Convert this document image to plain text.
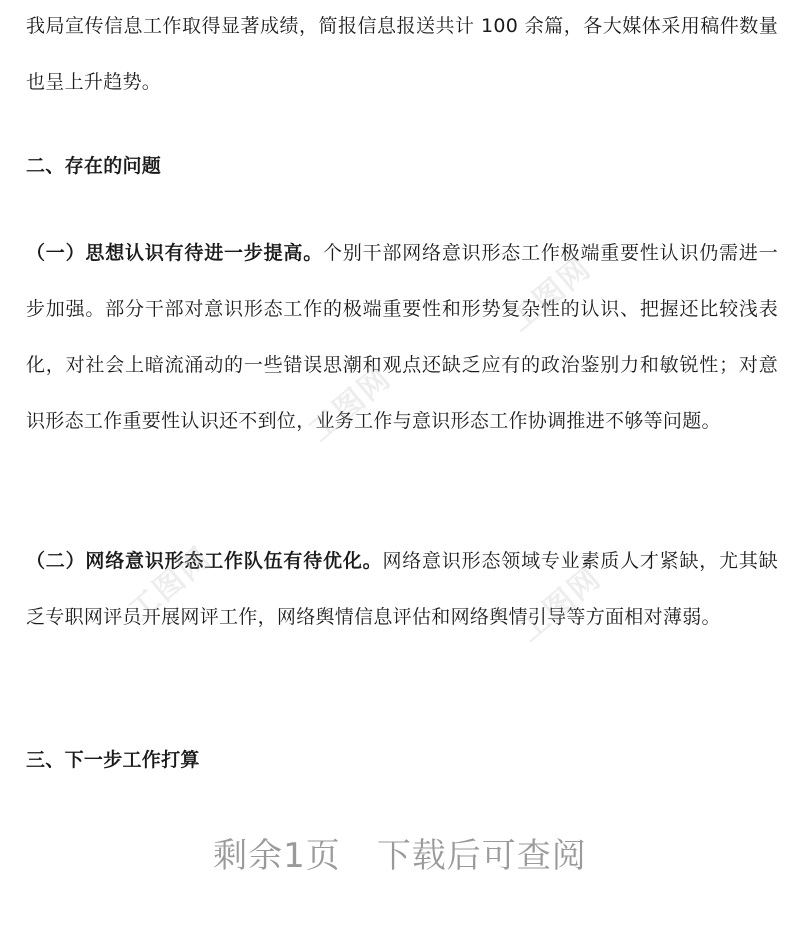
我局宣传信息工作取得显著成绩，简报信息报送共计 100 余篇，各大媒体采用稿件数量也呈上升趋势。

二、存在的问题

（一）思想认识有待进一步提高。个别干部网络意识形态工作极端重要性认识仍需进一步加强。部分干部对意识形态工作的极端重要性和形势复杂性的认识、把握还比较浅表化，对社会上暗流涌动的一些错误思潮和观点还缺乏应有的政治鉴别力和敏锐性；对意识形态工作重要性认识还不到位，业务工作与意识形态工作协调推进不够等问题。

（二）网络意识形态工作队伍有待优化。网络意识形态领域专业素质人才紧缺，尤其缺乏专职网评员开展网评工作，网络舆情信息评估和网络舆情引导等方面相对薄弱。

三、下一步工作打算

工图网
工图网
工图网	工图网
剩余1页 下载后可查阅
